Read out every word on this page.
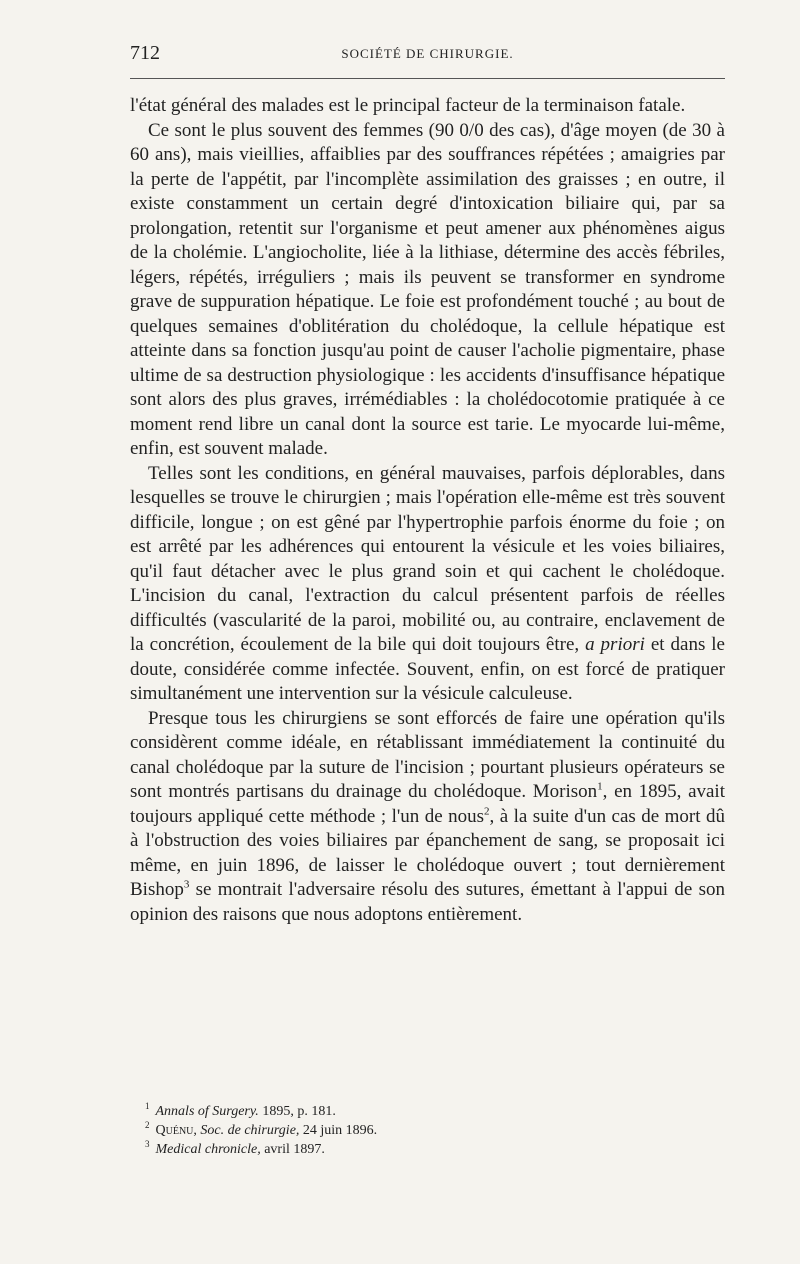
712	SOCIÉTÉ DE CHIRURGIE.

l'état général des malades est le principal facteur de la terminaison fatale.

Ce sont le plus souvent des femmes (90 0/0 des cas), d'âge moyen (de 30 à 60 ans), mais vieillies, affaiblies par des souffrances répétées ; amaigries par la perte de l'appétit, par l'incomplète assimilation des graisses ; en outre, il existe constamment un certain degré d'intoxication biliaire qui, par sa prolongation, retentit sur l'organisme et peut amener aux phénomènes aigus de la cholémie. L'angiocholite, liée à la lithiase, détermine des accès fébriles, légers, répétés, irréguliers ; mais ils peuvent se transformer en syndrome grave de suppuration hépatique. Le foie est profondément touché ; au bout de quelques semaines d'oblitération du cholédoque, la cellule hépatique est atteinte dans sa fonction jusqu'au point de causer l'acholie pigmentaire, phase ultime de sa destruction physiologique : les accidents d'insuffisance hépatique sont alors des plus graves, irrémédiables : la cholédocotomie pratiquée à ce moment rend libre un canal dont la source est tarie. Le myocarde lui-même, enfin, est souvent malade.

Telles sont les conditions, en général mauvaises, parfois déplorables, dans lesquelles se trouve le chirurgien ; mais l'opération elle-même est très souvent difficile, longue ; on est gêné par l'hypertrophie parfois énorme du foie ; on est arrêté par les adhérences qui entourent la vésicule et les voies biliaires, qu'il faut détacher avec le plus grand soin et qui cachent le cholédoque. L'incision du canal, l'extraction du calcul présentent parfois de réelles difficultés (vascularité de la paroi, mobilité ou, au contraire, enclavement de la concrétion, écoulement de la bile qui doit toujours être, a priori et dans le doute, considérée comme infectée. Souvent, enfin, on est forcé de pratiquer simultanément une intervention sur la vésicule calculeuse.

Presque tous les chirurgiens se sont efforcés de faire une opération qu'ils considèrent comme idéale, en rétablissant immédiatement la continuité du canal cholédoque par la suture de l'incision ; pourtant plusieurs opérateurs se sont montrés partisans du drainage du cholédoque. Morison$^1$, en 1895, avait toujours appliqué cette méthode ; l'un de nous$^2$, à la suite d'un cas de mort dû à l'obstruction des voies biliaires par épanchement de sang, se proposait ici même, en juin 1896, de laisser le cholédoque ouvert ; tout dernièrement Bishop$^3$ se montrait l'adversaire résolu des sutures, émettant à l'appui de son opinion des raisons que nous adoptons entièrement.

$^1$ Annals of Surgery. 1895, p. 181.
$^2$ Quénu, Soc. de chirurgie, 24 juin 1896.
$^3$ Medical chronicle, avril 1897.
